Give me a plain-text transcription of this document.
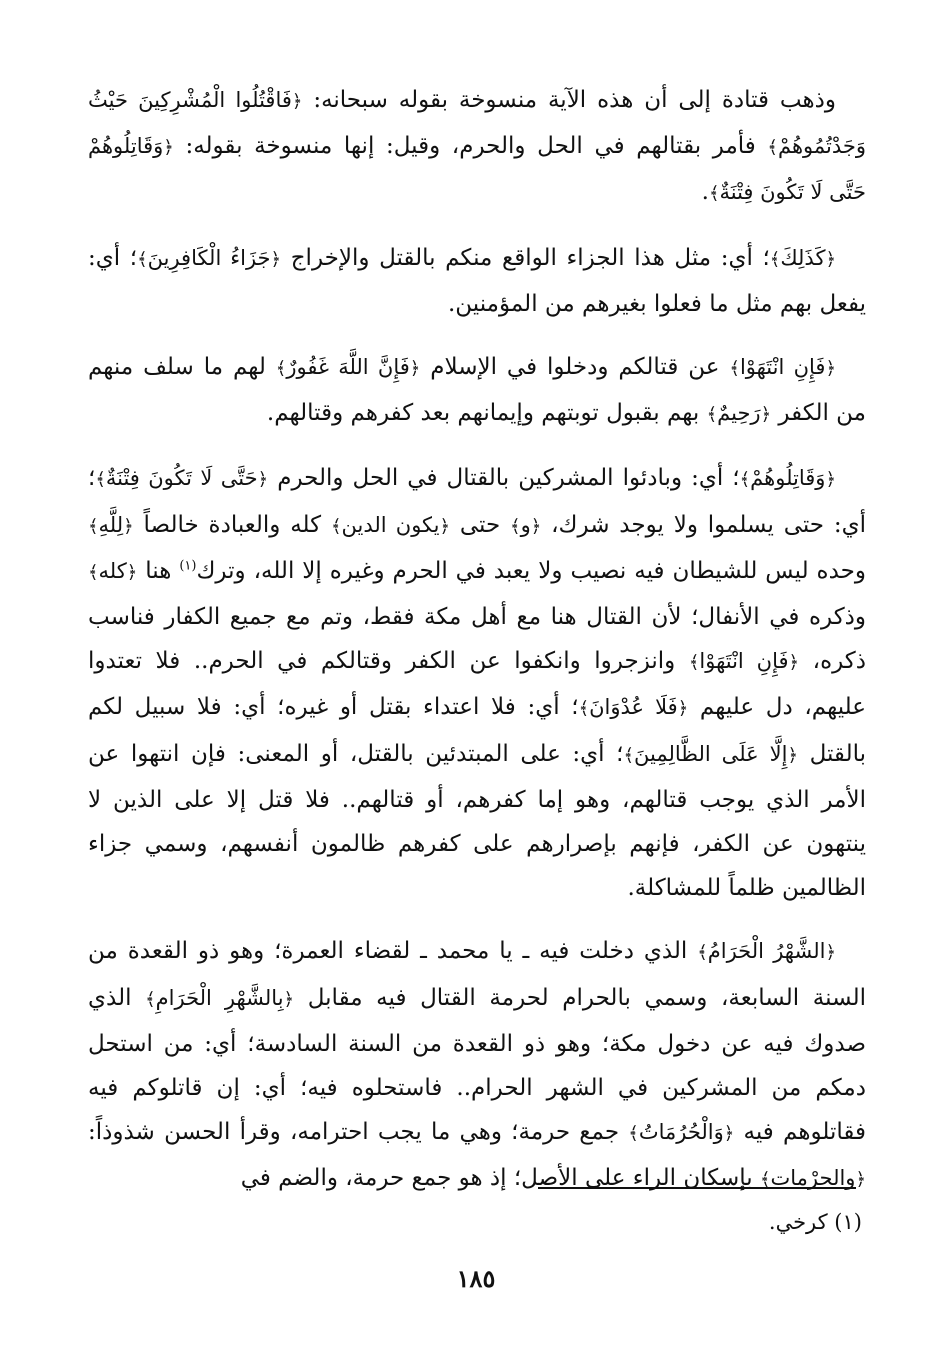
وذهب قتادة إلى أن هذه الآية منسوخة بقوله سبحانه: ﴿فَاقْتُلُوا الْمُشْرِكِينَ حَيْثُ وَجَدْتُمُوهُمْ﴾ فأمر بقتالهم في الحل والحرم، وقيل: إنها منسوخة بقوله: ﴿وَقَاتِلُوهُمْ حَتَّى لَا تَكُونَ فِتْنَةٌ﴾.

﴿كَذَلِكَ﴾؛ أي: مثل هذا الجزاء الواقع منكم بالقتل والإخراج ﴿جَزَاءُ الْكَافِرِينَ﴾؛ أي: يفعل بهم مثل ما فعلوا بغيرهم من المؤمنين.

﴿فَإِنِ انْتَهَوْا﴾ عن قتالكم ودخلوا في الإسلام ﴿فَإِنَّ اللَّهَ غَفُورٌ﴾ لهم ما سلف منهم من الكفر ﴿رَحِيمٌ﴾ بهم بقبول توبتهم وإيمانهم بعد كفرهم وقتالهم.

﴿وَقَاتِلُوهُمْ﴾؛ أي: وبادئوا المشركين بالقتال في الحل والحرم ﴿حَتَّى لَا تَكُونَ فِتْنَةٌ﴾؛ أي: حتى يسلموا ولا يوجد شرك، ﴿و﴾ حتى ﴿يكون الدين﴾ كله والعبادة خالصاً ﴿لِلَّهِ﴾ وحده ليس للشيطان فيه نصيب ولا يعبد في الحرم وغيره إلا الله، وترك$^{(١)}$ هنا ﴿كله﴾ وذكره في الأنفال؛ لأن القتال هنا مع أهل مكة فقط، وتم مع جميع الكفار فناسب ذكره، ﴿فَإِنِ انْتَهَوْا﴾ وانزجروا وانكفوا عن الكفر وقتالكم في الحرم.. فلا تعتدوا عليهم، دل عليهم ﴿فَلَا عُدْوَانَ﴾؛ أي: فلا اعتداء بقتل أو غيره؛ أي: فلا سبيل لكم بالقتل ﴿إِلَّا عَلَى الظَّالِمِينَ﴾؛ أي: على المبتدئين بالقتل، أو المعنى: فإن انتهوا عن الأمر الذي يوجب قتالهم، وهو إما كفرهم، أو قتالهم.. فلا قتل إلا على الذين لا ينتهون عن الكفر، فإنهم بإصرارهم على كفرهم ظالمون أنفسهم، وسمي جزاء الظالمين ظلماً للمشاكلة.

﴿الشَّهْرُ الْحَرَامُ﴾ الذي دخلت فيه ـ يا محمد ـ لقضاء العمرة؛ وهو ذو القعدة من السنة السابعة، وسمي بالحرام لحرمة القتال فيه مقابل ﴿بِالشَّهْرِ الْحَرَامِ﴾ الذي صدوك فيه عن دخول مكة؛ وهو ذو القعدة من السنة السادسة؛ أي: من استحل دمكم من المشركين في الشهر الحرام.. فاستحلوه فيه؛ أي: إن قاتلوكم فيه فقاتلوهم فيه ﴿وَالْحُرُمَاتُ﴾ جمع حرمة؛ وهي ما يجب احترامه، وقرأ الحسن شذوذاً: ﴿والحرْمات﴾ بإسكان الراء على الأصل؛ إذ هو جمع حرمة، والضم في

(١) كرخي.
١٨٥
